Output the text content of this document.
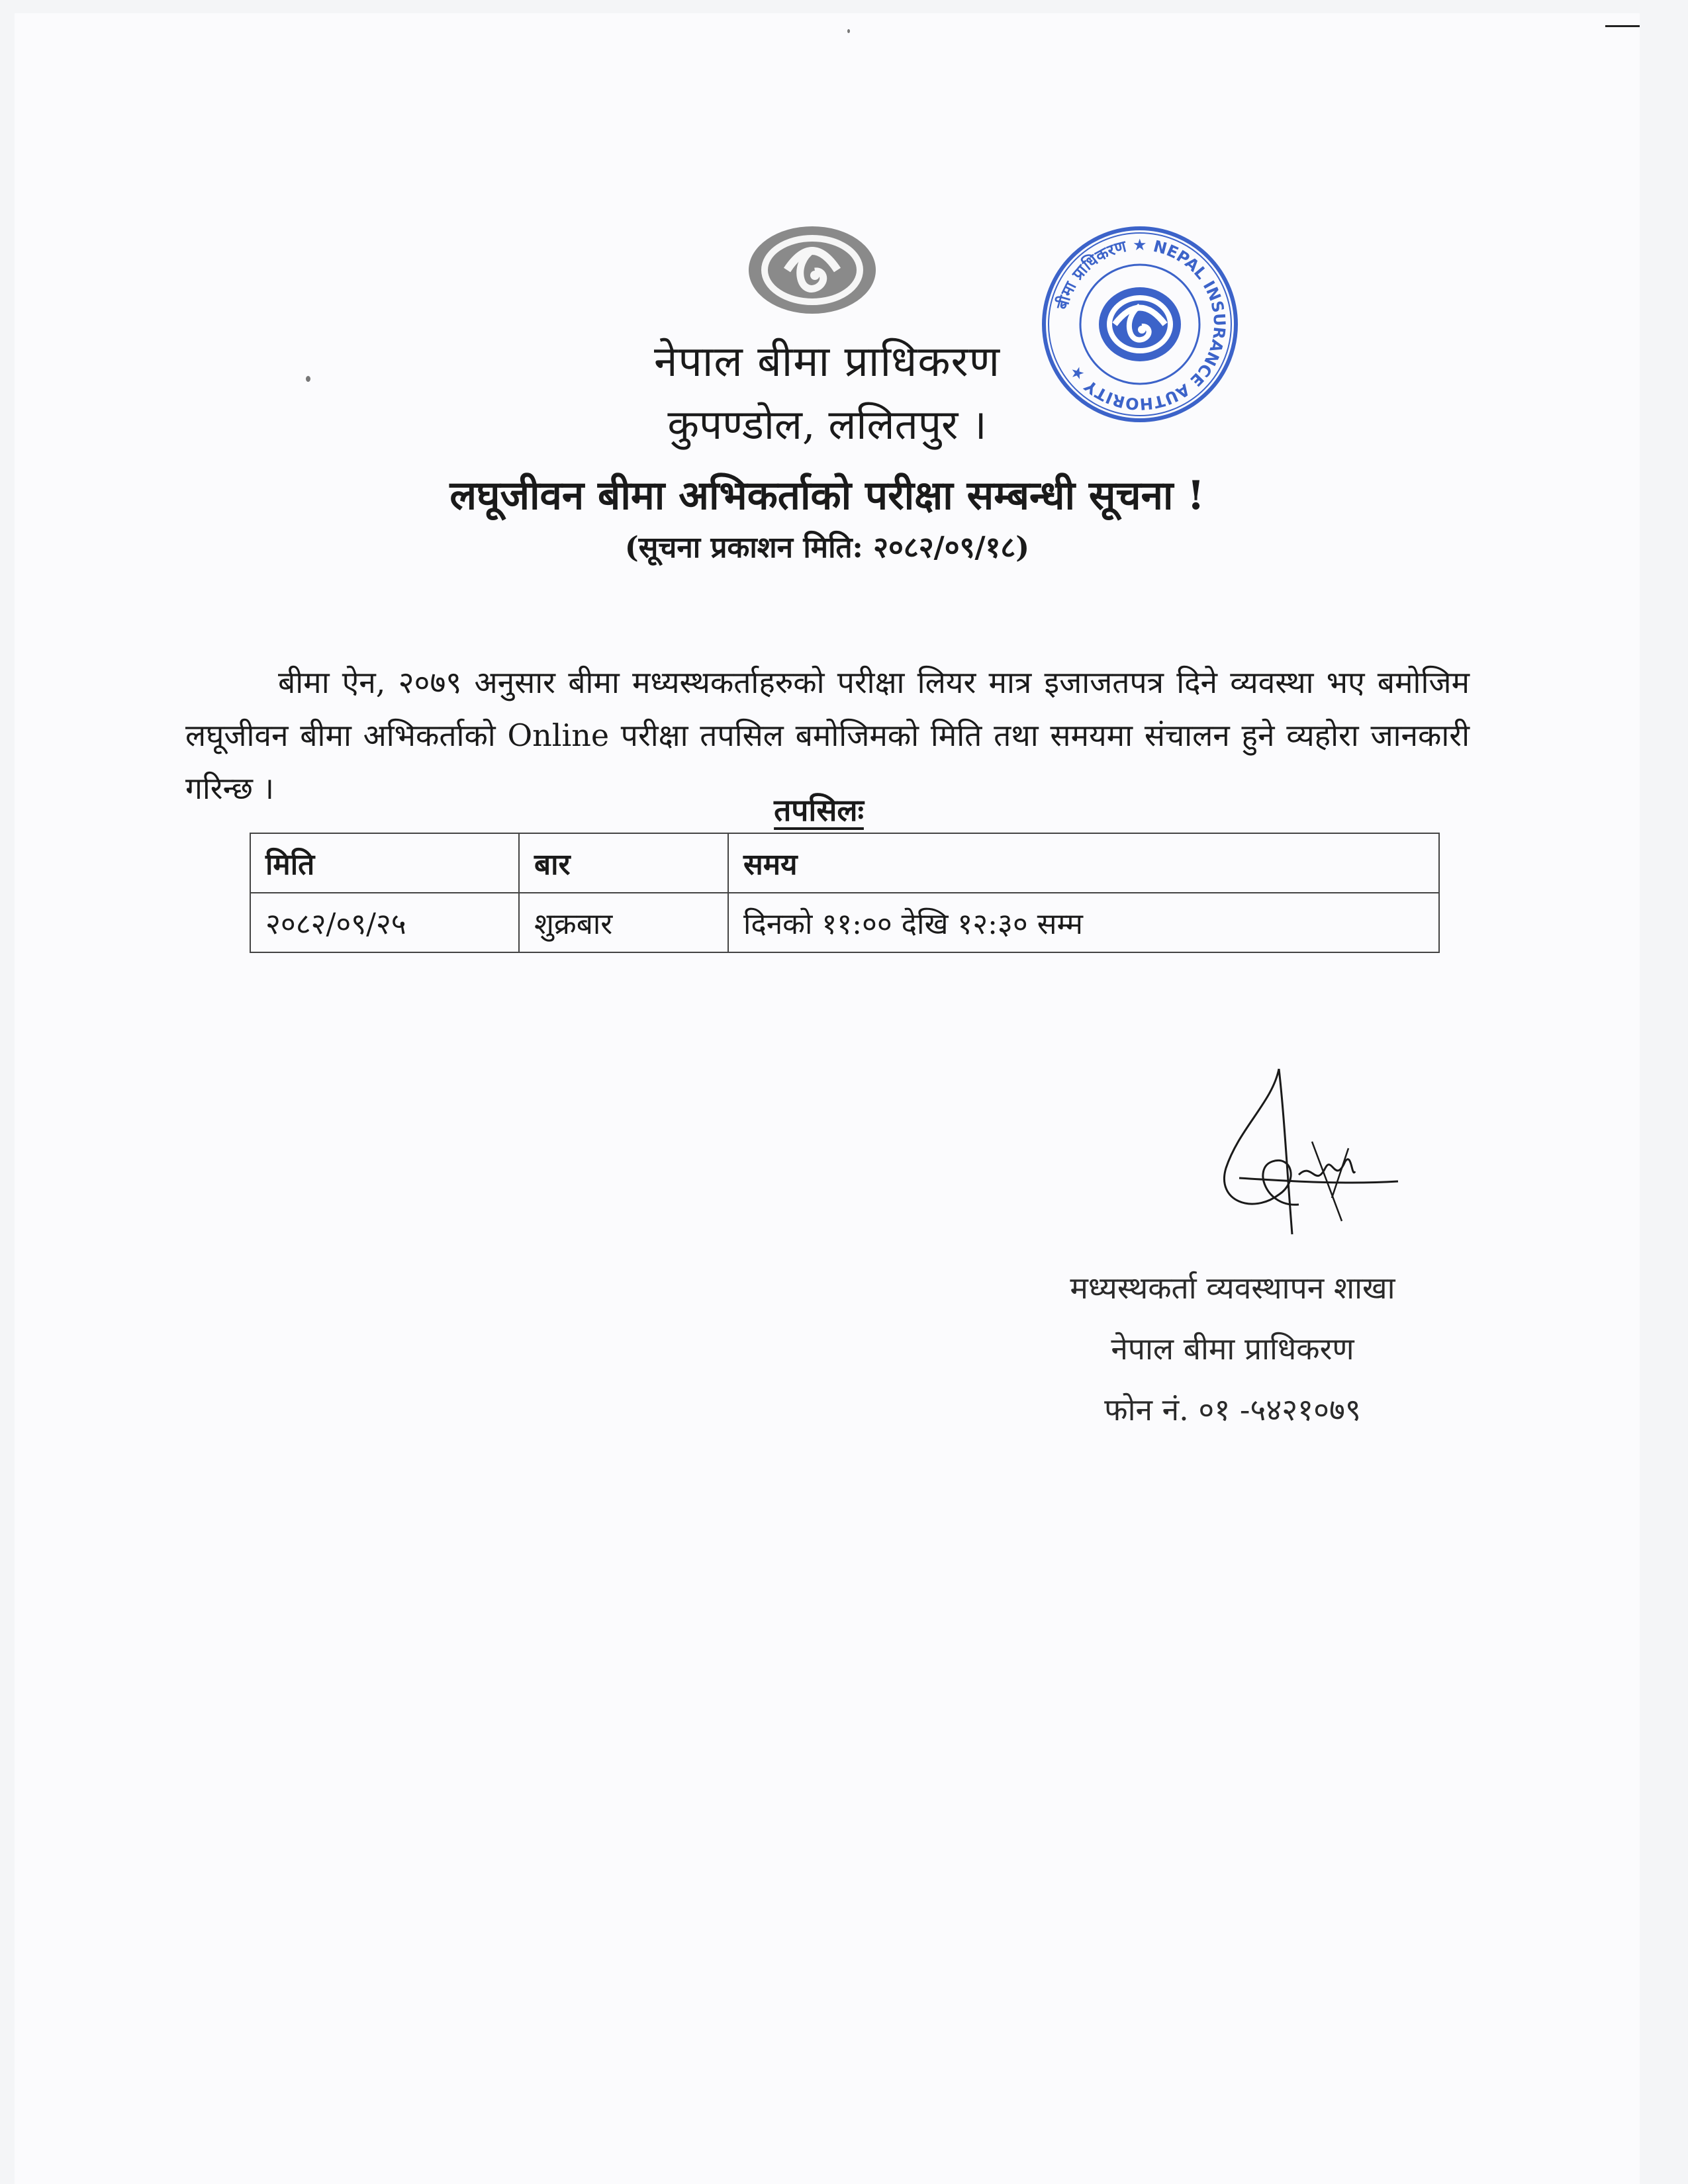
बीमा प्राधिकरण ★ NEPAL INSURANCE AUTHORITY ★
नेपाल बीमा प्राधिकरण
कुपण्डोल, ललितपुर ।
लघूजीवन बीमा अभिकर्ताको परीक्षा सम्बन्धी सूचना !
(सूचना प्रकाशन मिति: २०८२/०९/१८)

बीमा ऐन, २०७९ अनुसार बीमा मध्यस्थकर्ताहरुको परीक्षा लियर मात्र इजाजतपत्र दिने व्यवस्था भए बमोजिम लघूजीवन बीमा अभिकर्ताको Online परीक्षा तपसिल बमोजिमको मिति तथा समयमा संचालन हुने व्यहोरा जानकारी गरिन्छ ।

तपसिलः
मिति	बार	समय
२०८२/०९/२५	शुक्रबार	दिनको ११:०० देखि १२:३० सम्म
मध्यस्थकर्ता व्यवस्थापन शाखा
नेपाल बीमा प्राधिकरण
फोन नं. ०१ -५४२१०७९
